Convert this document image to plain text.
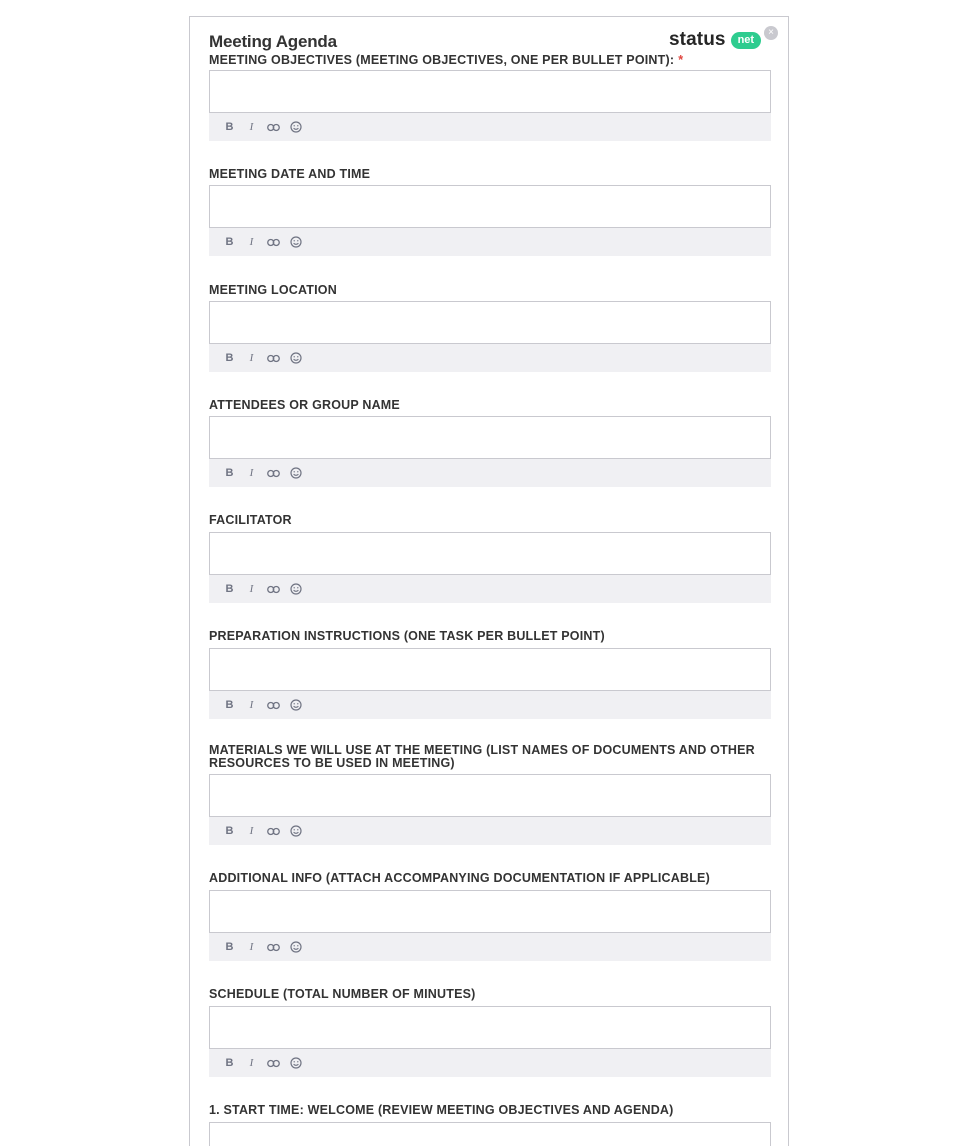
Meeting Agenda	status	net
×
MEETING OBJECTIVES (MEETING OBJECTIVES, ONE PER BULLET POINT): *
B	I
MEETING DATE AND TIME
B	I
MEETING LOCATION
B	I
ATTENDEES OR GROUP NAME
B	I
FACILITATOR
B	I
PREPARATION INSTRUCTIONS (ONE TASK PER BULLET POINT)
B	I
MATERIALS WE WILL USE AT THE MEETING (LIST NAMES OF DOCUMENTS AND OTHER RESOURCES TO BE USED IN MEETING)
B	I
ADDITIONAL INFO (ATTACH ACCOMPANYING DOCUMENTATION IF APPLICABLE)
B	I
SCHEDULE (TOTAL NUMBER OF MINUTES)
B	I
1. START TIME: WELCOME (REVIEW MEETING OBJECTIVES AND AGENDA)
